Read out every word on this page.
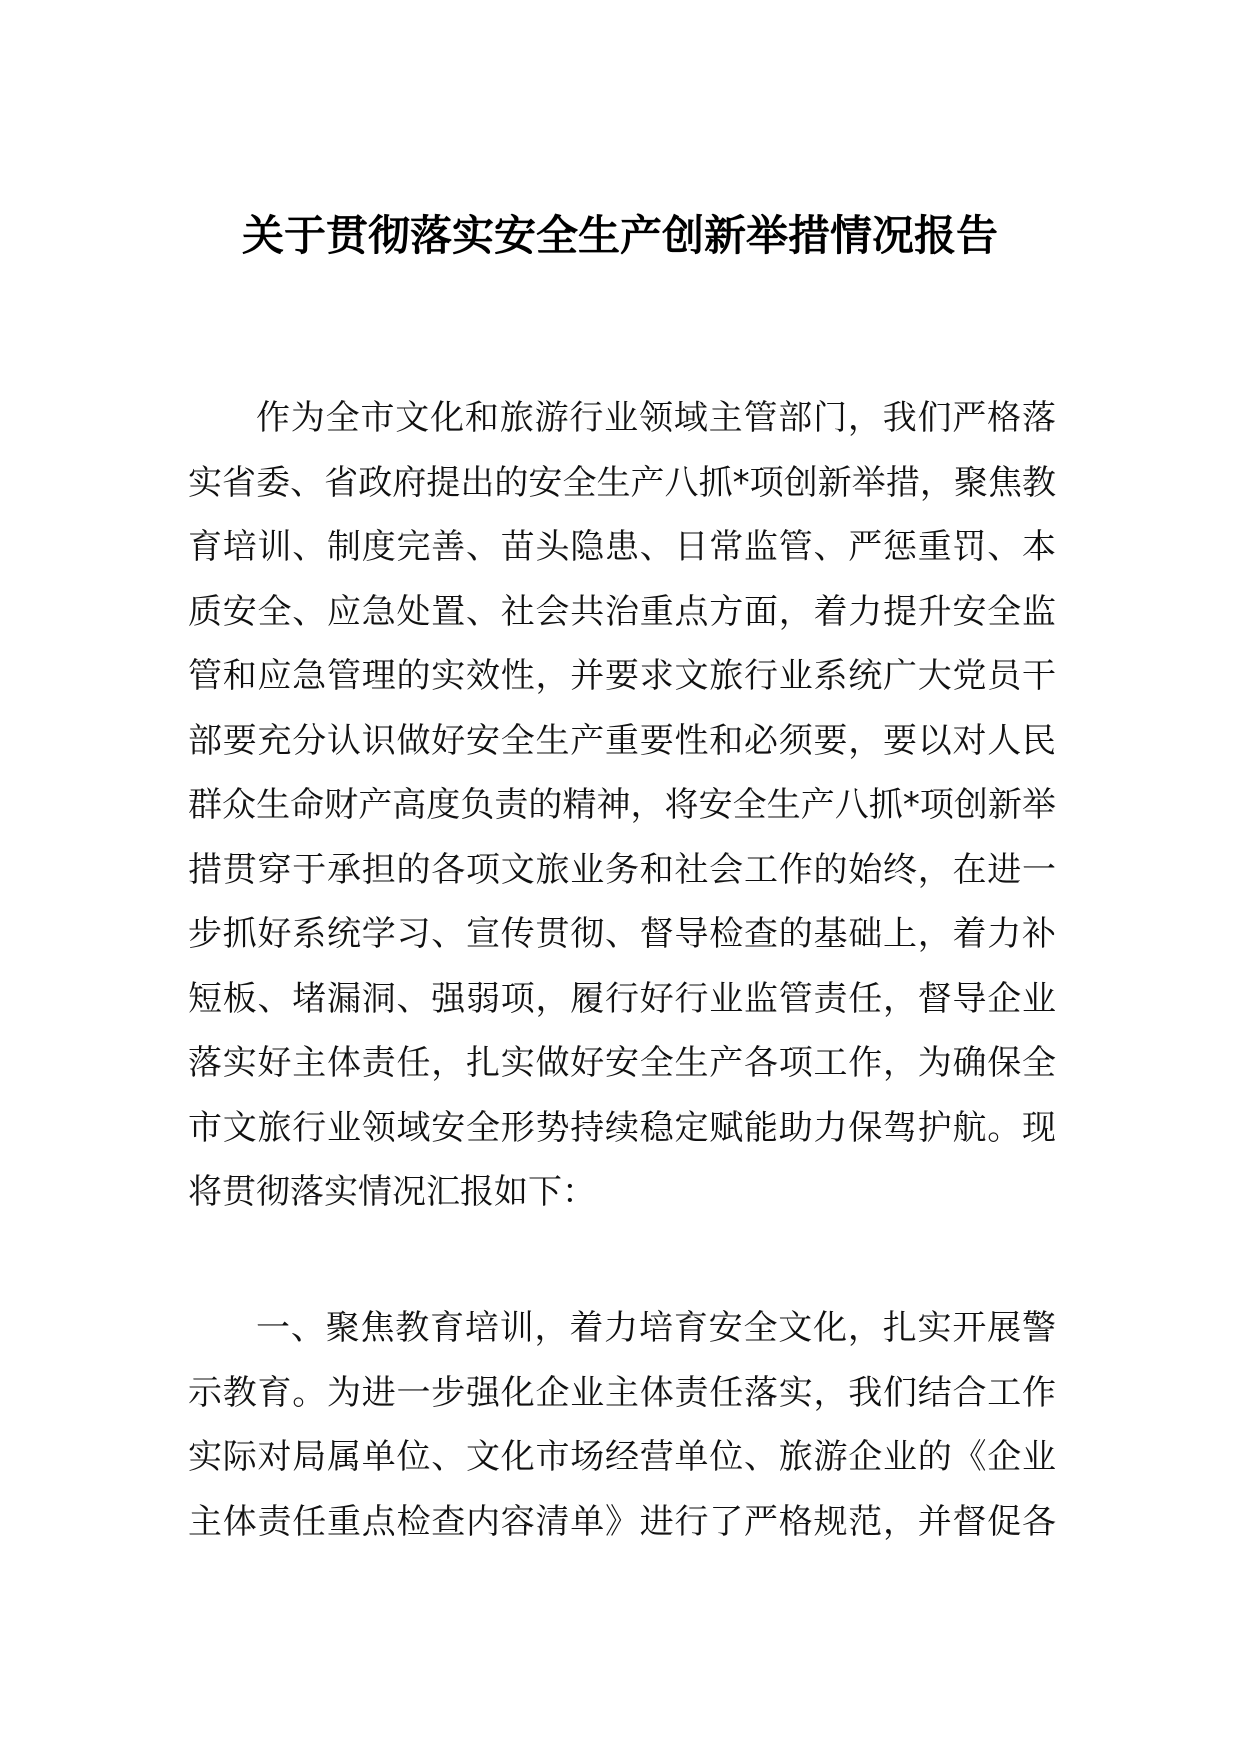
关于贯彻落实安全生产创新举措情况报告
作为全市文化和旅游行业领域主管部门，我们严格落
实省委、省政府提出的安全生产八抓*项创新举措，聚焦教
育培训、制度完善、苗头隐患、日常监管、严惩重罚、本
质安全、应急处置、社会共治重点方面，着力提升安全监
管和应急管理的实效性，并要求文旅行业系统广大党员干
部要充分认识做好安全生产重要性和必须要，要以对人民
群众生命财产高度负责的精神，将安全生产八抓*项创新举
措贯穿于承担的各项文旅业务和社会工作的始终，在进一
步抓好系统学习、宣传贯彻、督导检查的基础上，着力补
短板、堵漏洞、强弱项，履行好行业监管责任，督导企业
落实好主体责任，扎实做好安全生产各项工作，为确保全
市文旅行业领域安全形势持续稳定赋能助力保驾护航。现
将贯彻落实情况汇报如下：
一、聚焦教育培训，着力培育安全文化，扎实开展警
示教育。为进一步强化企业主体责任落实，我们结合工作
实际对局属单位、文化市场经营单位、旅游企业的《企业
主体责任重点检查内容清单》进行了严格规范，并督促各
